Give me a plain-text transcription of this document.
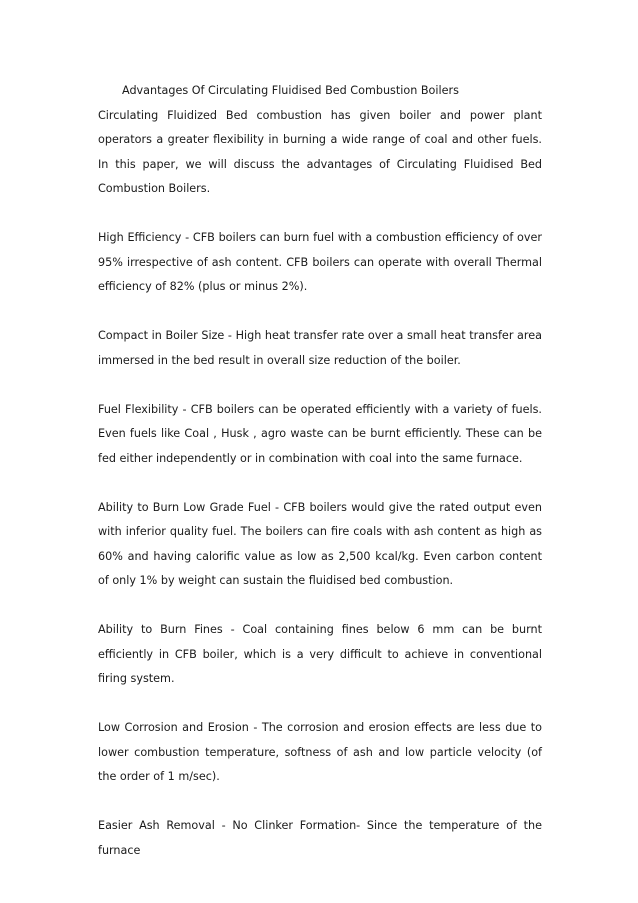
Advantages Of Circulating Fluidised Bed Combustion Boilers

Circulating Fluidized Bed combustion has given boiler and power plant operators a greater flexibility in burning a wide range of coal and other fuels. In this paper, we will discuss the advantages of Circulating Fluidised Bed Combustion Boilers.

High Efficiency - CFB boilers can burn fuel with a combustion efficiency of over 95% irrespective of ash content. CFB boilers can operate with overall Thermal efficiency of 82% (plus or minus 2%).

Compact in Boiler Size - High heat transfer rate over a small heat transfer area immersed in the bed result in overall size reduction of the boiler.

Fuel Flexibility - CFB boilers can be operated efficiently with a variety of fuels. Even fuels like Coal , Husk , agro waste can be burnt efficiently. These can be fed either independently or in combination with coal into the same furnace.

Ability to Burn Low Grade Fuel - CFB boilers would give the rated output even with inferior quality fuel. The boilers can fire coals with ash content as high as 60% and having calorific value as low as 2,500 kcal/kg. Even carbon content of only 1% by weight can sustain the fluidised bed combustion.

Ability to Burn Fines - Coal containing fines below 6 mm can be burnt efficiently in CFB boiler, which is a very difficult to achieve in conventional firing system.

Low Corrosion and Erosion - The corrosion and erosion effects are less due to lower combustion temperature, softness of ash and low particle velocity (of the order of 1 m/sec).

Easier Ash Removal - No Clinker Formation- Since the temperature of the furnace
